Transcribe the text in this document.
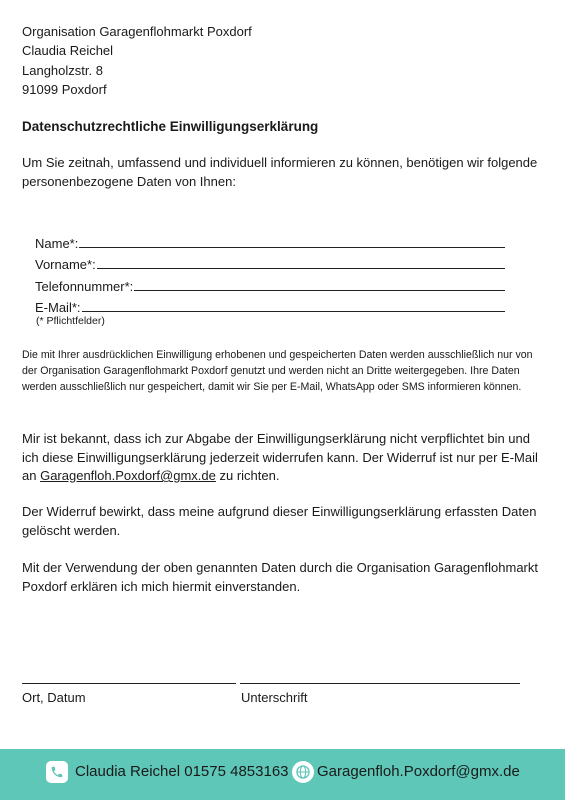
Organisation Garagenflohmarkt Poxdorf
Claudia Reichel
Langholzstr. 8
91099 Poxdorf
Datenschutzrechtliche Einwilligungserklärung
Um Sie zeitnah, umfassend und individuell informieren zu können, benötigen wir folgende personenbezogene Daten von Ihnen:
Name*:
Vorname*:
Telefonnummer*:
E-Mail*:
(* Pflichtfelder)
Die mit Ihrer ausdrücklichen Einwilligung erhobenen und gespeicherten Daten werden ausschließlich nur von der Organisation Garagenflohmarkt Poxdorf genutzt und werden nicht an Dritte weitergegeben. Ihre Daten werden ausschließlich nur gespeichert, damit wir Sie per E-Mail, WhatsApp oder SMS informieren können.
Mir ist bekannt, dass ich zur Abgabe der Einwilligungserklärung nicht verpflichtet bin und ich diese Einwilligungserklärung jederzeit widerrufen kann. Der Widerruf ist nur per E-Mail an Garagenfloh.Poxdorf@gmx.de zu richten.
Der Widerruf bewirkt, dass meine aufgrund dieser Einwilligungserklärung erfassten Daten gelöscht werden.
Mit der Verwendung der oben genannten Daten durch die Organisation Garagenflohmarkt Poxdorf erklären ich mich hiermit einverstanden.
Ort, Datum	Unterschrift
Claudia Reichel 01575 4853163 Garagenfloh.Poxdorf@gmx.de
